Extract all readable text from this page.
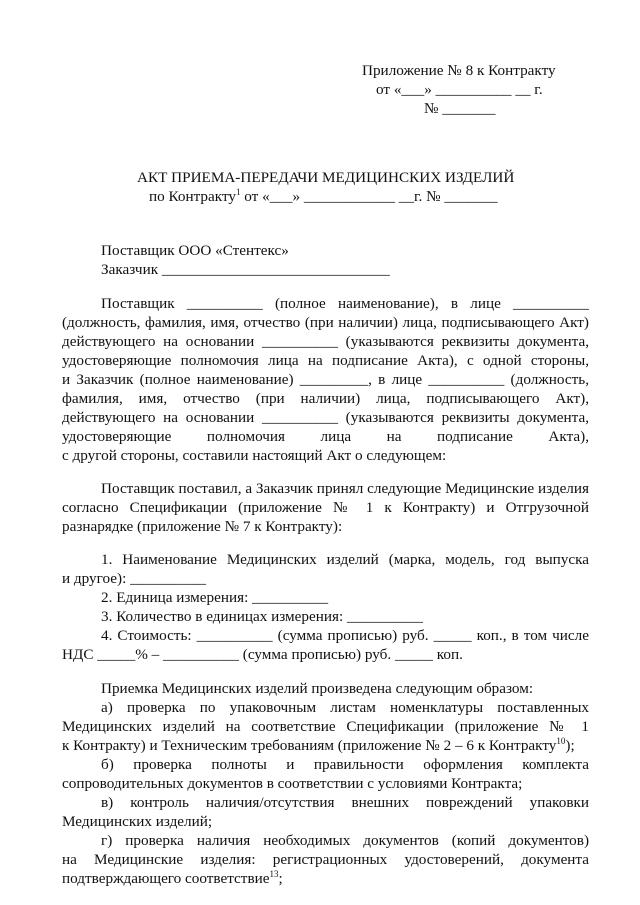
Приложение № 8 к Контракту
от «___» __________ __ г.
№ _______
АКТ ПРИЕМА-ПЕРЕДАЧИ МЕДИЦИНСКИХ ИЗДЕЛИЙ
по Контракту$^1$ от «___» ____________ __г. № _______
Поставщик ООО «Стентекс»
Заказчик ______________________________
Поставщик __________ (полное наименование), в лице __________
(должность, фамилия, имя, отчество (при наличии) лица, подписывающего Акт)
действующего на основании __________ (указываются реквизиты документа,
удостоверяющие полномочия лица на подписание Акта), с одной стороны,
и Заказчик (полное наименование) _________, в лице __________ (должность,
фамилия, имя, отчество (при наличии) лица, подписывающего Акт),
действующего на основании __________ (указываются реквизиты документа,
удостоверяющие полномочия лица на подписание Акта),
с другой стороны, составили настоящий Акт о следующем:
Поставщик поставил, а Заказчик принял следующие Медицинские изделия
согласно Спецификации (приложение № 1 к Контракту) и Отгрузочной
разнарядке (приложение № 7 к Контракту):
1. Наименование Медицинских изделий (марка, модель, год выпуска
и другое): __________
2. Единица измерения: __________
3. Количество в единицах измерения: __________
4. Стоимость: __________ (сумма прописью) руб. _____ коп., в том числе
НДС _____% – __________ (сумма прописью) руб. _____ коп.
Приемка Медицинских изделий произведена следующим образом:
а) проверка по упаковочным листам номенклатуры поставленных
Медицинских изделий на соответствие Спецификации (приложение № 1
к Контракту) и Техническим требованиям (приложение № 2 – 6 к Контракту$^{10}$);
б) проверка полноты и правильности оформления комплекта
сопроводительных документов в соответствии с условиями Контракта;
в) контроль наличия/отсутствия внешних повреждений упаковки
Медицинских изделий;
г) проверка наличия необходимых документов (копий документов)
на Медицинские изделия: регистрационных удостоверений, документа
подтверждающего соответствие$^{13}$;
